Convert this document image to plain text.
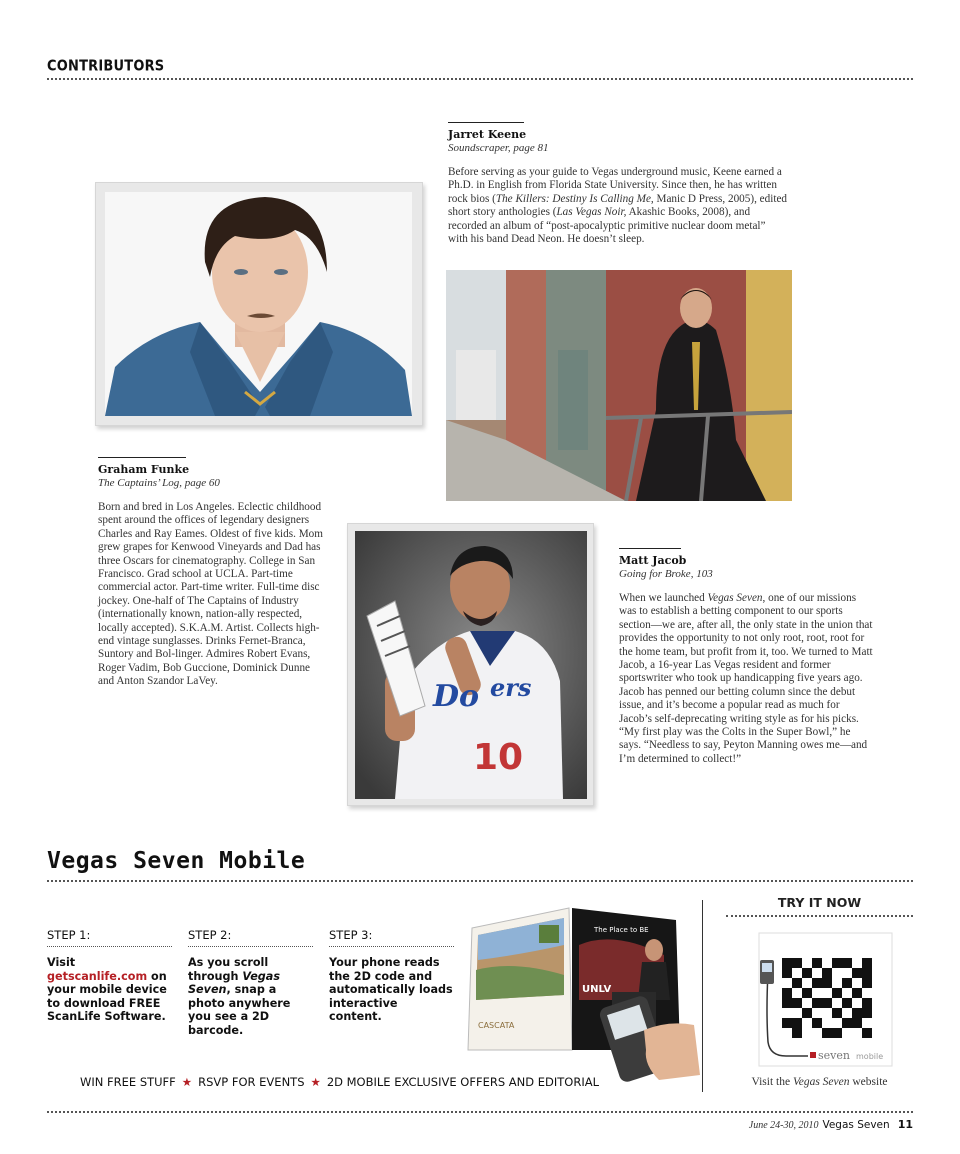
CONTRIBUTORS
Jarret Keene
Soundscraper, page 81
Before serving as your guide to Vegas underground music, Keene earned a Ph.D. in English from Florida State University. Since then, he has written rock bios (The Killers: Destiny Is Calling Me, Manic D Press, 2005), edited short story anthologies (Las Vegas Noir, Akashic Books, 2008), and recorded an album of “post-apocalyptic primitive nuclear doom metal” with his band Dead Neon. He doesn’t sleep.
Graham Funke
The Captains’ Log, page 60
Born and bred in Los Angeles. Eclectic childhood spent around the offices of legendary designers Charles and Ray Eames. Oldest of five kids. Mom grew grapes for Kenwood Vineyards and Dad has three Oscars for cinematography. College in San Francisco. Grad school at UCLA. Part-time commercial actor. Part-time writer. Full-time disc jockey. One-half of The Captains of Industry (internationally known, nation-ally respected, locally accepted). S.K.A.M. Artist. Collects high-end vintage sunglasses. Drinks Fernet-Branca, Suntory and Bol-linger. Admires Robert Evans, Roger Vadim, Bob Guccione, Dominick Dunne and Anton Szandor LaVey.	Do ers
10
Matt Jacob
Going for Broke, 103
When we launched Vegas Seven, one of our missions was to establish a betting component to our sports section—we are, after all, the only state in the union that provides the opportunity to not only root, root, root for the home team, but profit from it, too. We turned to Matt Jacob, a 16-year Las Vegas resident and former sportswriter who took up handicapping five years ago. Jacob has penned our betting column since the debut issue, and it’s become a popular read as much for Jacob’s self-deprecating writing style as for his picks. “My first play was the Colts in the Super Bowl,” he says. “Needless to say, Peyton Manning owes me—and I’m determined to collect!”
Vegas Seven Mobile
STEP 1:
Visit getscanlife.com on your mobile device to download FREE ScanLife Software.
STEP 2:
As you scroll through Vegas Seven, snap a photo anywhere you see a 2D barcode.
STEP 3:
Your phone reads the 2D code and automatically loads interactive content.
CASCATA
The Place to BE
UNLV
TRY IT NOW
seven mobile
WIN FREE STUFF ★ RSVP FOR EVENTS ★ 2D MOBILE EXCLUSIVE OFFERS AND EDITORIAL	Visit the Vegas Seven website
June 24-30, 2010 Vegas Seven 11
